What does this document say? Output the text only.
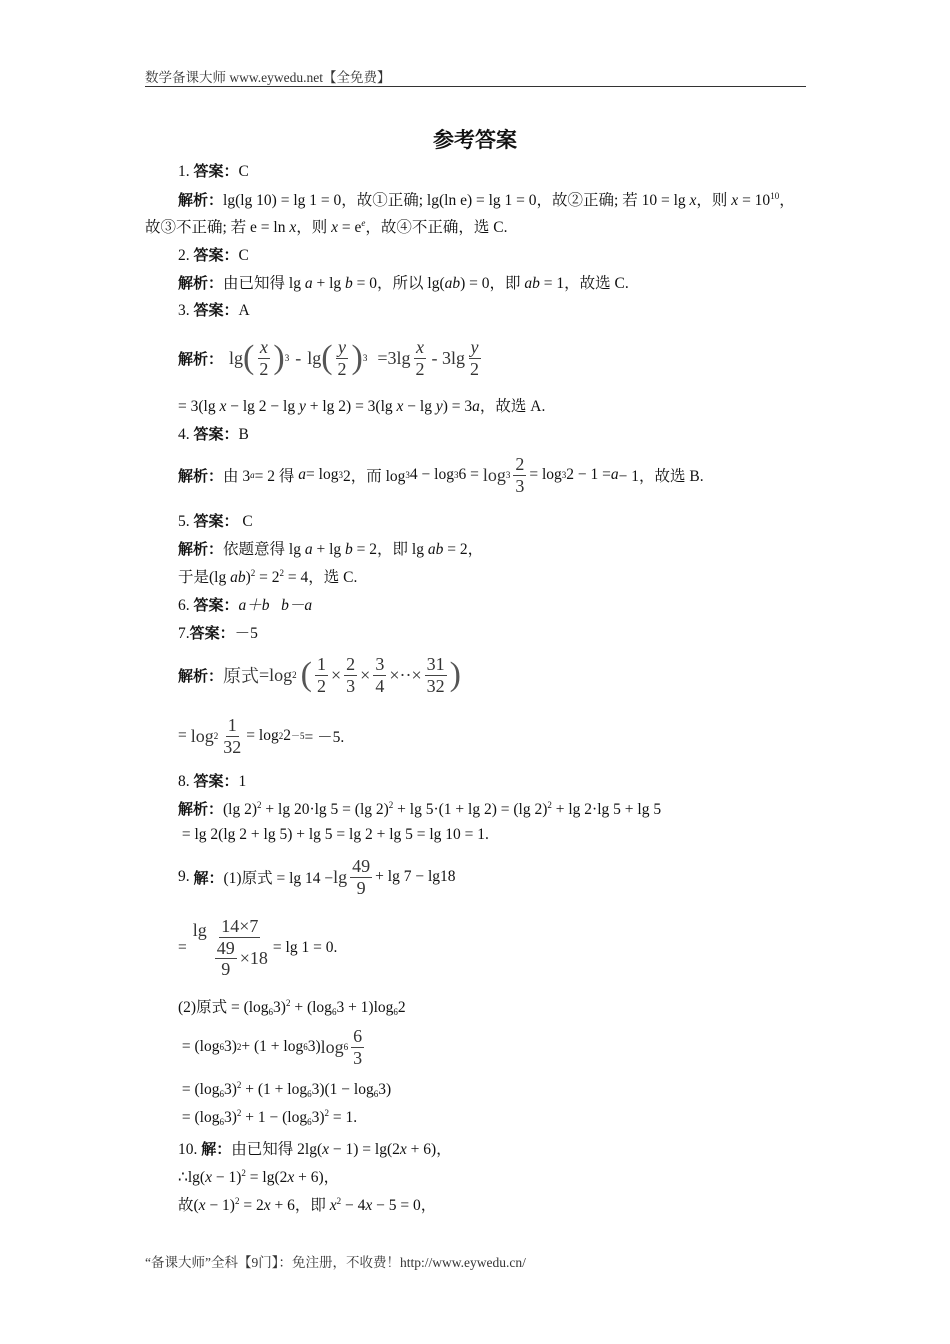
数学备课大师 www.eywedu.net【全免费】
参考答案
1. 答案：C
解析：lg(lg 10) = lg 1 = 0，故①正确; lg(ln e) = lg 1 = 0，故②正确; 若 10 = lg x，则 $x = 10^{10}$，
故③不正确; 若 e = ln x，则 $x = e^e$，故④不正确，选 C.
2. 答案：C
解析：由已知得 lg a + lg b = 0，所以 lg(ab) = 0，即 ab = 1，故选 C.
3. 答案：A
解析： lg ( $\frac{x}{2}$ ) 3 - lg ( $\frac{y}{2}$ ) $3 =3\lg \frac{x}{2} - 3\lg \frac{y}{2}$
= 3(lg x − lg 2 − lg y + lg 2) = 3(lg x − lg y) = 3a，故选 A.
4. 答案：B
解析： 由 3 a = 2 得
a = log 3 2，而 log 3 4 − log 3 $6 = \log 3 \frac{2}{3} = \log 3$ 2 − 1 = a − 1，故选 B.
5. 答案： C
解析：依题意得 lg a + lg b = 2，即 lg ab = 2，
于是(lg $ab)^2 = 2^2 = 4$，选 C.
6. 答案：a＋b b－a
7.答案：－5
解析： 原式 =log 2 ( $\frac{1}{2} \times \frac{2}{3} \times \frac{3}{4}$ ×··× $\frac{31}{32}$ )
= $\log 2 \frac{1}{32} = \log 2$ 2 －5 = －5.
8. 答案：1
解析：(lg 2)$^2$ + lg 20·lg 5 = (lg 2)$^2$ + lg 5·(1 + lg 2) = (lg 2)$^2$ + lg 2·lg 5 + lg 5
= lg 2(lg 2 + lg 5) + lg 5 = lg 2 + lg 5 = lg 10 = 1.
9.
解： (1)原式 = $\lg 14 - \lg \frac{49}{9} + \lg 7 - \lg 18$
=
$\lg \frac{14\times 7}{\frac{49}{9} \times 18} = \lg 1 = 0$.
(2)原式 = $(\log_63)^2 + (\log_63 + 1)\log_62$

= (log 6 3) 2 + (1 + log 6 3) $\log 6 \frac{6}{3}$
= $(\log_63)^2 + (1 + \log_63)(1 - \log_63)$
= $(\log_63)^2 + 1 - (\log_63)^2 = 1$.
10. 解：由已知得 2lg(x − 1) = lg(2x + 6)，
∴lg(x − 1)$^2$ = lg(2x + 6)，
故$(x - 1)^2 = 2x + 6$，即 $x^2 - 4x - 5 = 0$，
“备课大师”全科【9门】：免注册，不收费！http://www.eywedu.cn/
